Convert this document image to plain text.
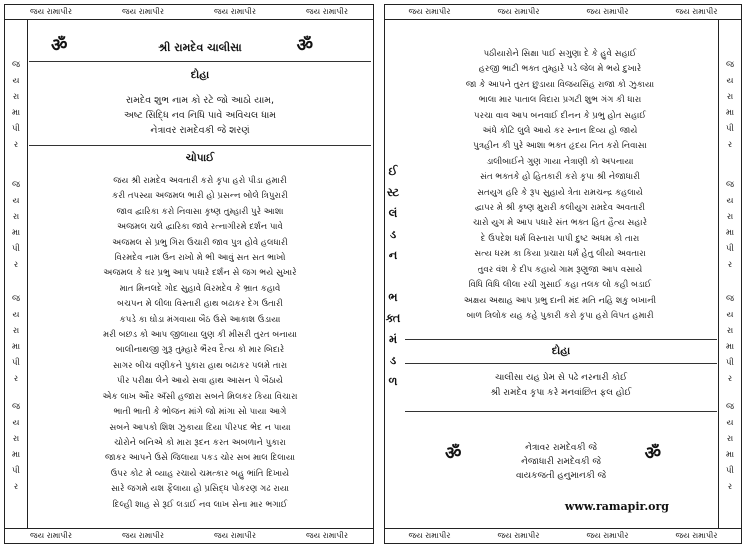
જય રામાપીર	જય રામાપીર	જય રામાપીર	જય રામાપીર
જ
ય
રા
મા
પી
ર
જ
ય
રા
મા
પી
ર
જ
ય
રા
મા
પી
ર
જ
ય
રા
મા
પી
ર
ॐ	ॐ
શ્રી રામદેવ ચાલીસા
દોહા
રામદેવ શુભ નામ કો રટે જો આઠો યામ,
અષ્ટ સિદ્ધિ નવ નિધિ પાવે અવિચલ ધામ
નેત્રાવર રામદેવકી જે શરણં
ચોપાઈ
જય શ્રી રામદેવ અવતારી કરો કૃપા હરો પીડા હમારી
કરી તપસ્યા અજમલ ભારી હો પ્રસન્ન બોલે ત્રિપુરારી
જાવ દ્વારિકા કરો નિવાસા કૃષ્ણ તુમ્હારી પુરે આશા
અજમલ ચલે દ્વારિકા જાવે રત્નાગીરમે દર્શન પાવે
અજમલ સે પ્રભુ ગિરા ઉચારી જાવ પુત્ર હોવે હલધારી
વિરમદેવ નામ ઉન રાખો મે ભી આવું સત સત ભાખો
અજમલ કે ઘર પ્રભુ આપ પધારે દર્શન સે જગ ભયે સુખારે
માત મિનલદે ગોદ સુહાવે વિરમદેવ કે ભ્રાત કહાવે
બચપન મે લીલા વિસ્તારી હાથ બઢાકર દેગ ઉતારી
કપડે કા ઘોડા મંગવાયા બૈઠ ઉસે આકાશ ઉડાયા
મરી બછડ કો આપ જીલાયા લુણ કી મીસરી તુરત બનાયા
બાલીનાથજી ગુરૂ તુમ્હારે ભૈરવ દૈત્ય કો માર બિદારે
સાગર બીચ વણીકને પુકારા હાથ બઢાકર પલમે તારા
પીર પરીક્ષા લેને આયે સવા હાથ આસન પે બૈઠાયે
એક લાખ ઔર અઁસી હજારા સબને મિલકર કિયા વિચારા
ભાતી ભાતી કે ભોજન માંગે જો માંગા સો પાયા આગે
સબને આપકો શિશ ઝુકાયા દિયા પીરપદ ભેદ ન પાયા
ચોરોને બનિએ કો મારા રૂદન કરત અબળાને પુકારા
જાકર આપને ઉસે જિલાયા પકડ ચોર સબ માલ દિલાયા
ઉપર કોટ મે વ્યાહ રચાયે ચમત્કાર બહુ ભાંતિ દિખાયે
સારે જગમે યશ ફૈલાયા હો પ્રસિદ્ધ પોકરણ ગઢ રાયા
દિલ્હી શાહ સે રૂઈ લડાઈ નવ લાખ સેના માર ભગાઈ
જય રામાપીર	જય રામાપીર	જય રામાપીર	જય રામાપીર
જય રામાપીર	જય રામાપીર	જય રામાપીર	જય રામાપીર
જ
ય
રા
મા
પી
ર
જ
ય
રા
મા
પી
ર
જ
ય
રા
મા
પી
ર
જ
ય
રા
મા
પી
ર
ઈ
સ્ટ
લં
ડ
ન

ભ
ક્ત
મં
ડ
ળ
પઠીયારોને સિક્ષા પાઈ સગુણા દે કે હુવે સહાઈ
હરજી ભાટી ભક્ત તુમ્હારે પડે જેલ મે ભયે દુખારે
જા કે આપને તુરત છુડાયા વિજયસિંહ રાજા કો ઝુકાયા
ભાલા માર પાતાલ વિદારા પ્રગટી શુભ ગંગ કી ધારા
પરચા વાવ આપ બનવાઈ દીનન કે પ્રભુ હોત સહાઈ
અંધે કોટિ લુલે આયે કર સ્નાન દિવ્ય હો જાયે
પુત્રહીન કી પુરે આશા ભક્ત હૃદય નિત કરો નિવાસા
ડાલીબાઈને ગુણ ગાયા નેત્રાણી કો અપનાયા
સંત ભક્તકે હો હિતકારી કરો કૃપા શ્રી નેજાધારી
સતયુગ હરિ કે રૂપ સુહાયે ત્રેતા રામચન્દ્ર કહલાયે
દ્વાપર મે શ્રી કૃષ્ણ મુરારી કલીયુગ રામદેવ અવતારી
ચારો યુગ મે આપ પધારે સંત ભક્ત હિત હૈત્ય સહારે
દે ઉપદેશ ધર્મ વિસ્તારા પાપી દુષ્ટ અધમ કો તારા
સત્ય ધરમ કા કિયા પ્રચારા ધર્મ હેતુ લીયો અવતારા
તુવર વંશ કે દીપ કહાયે ગામ રૂણુજા આપ વસાયે
વિધિ વિધિ લીલા રચી ગુસાઈ કહા તલક લો કહી બડાઈ
અક્ષય અથાહ આપ પ્રભુ દાની મંદ મતિ નહિ શકુ બખાની
બાળ ત્રિલોક યહ કહે પુકારી કરો કૃપા હરો વિપત હમારી
દોહા
ચાલીસા યહ પ્રેમ સે પઢે નરનારી કોઈ
શ્રી રામદેવ કૃપા કરે મનવાંછિત ફલ હોઈ
ॐ	ॐ
નેત્રાવર રામદેવકી જે
નેજાધારી રામદેવકી જે
વાયકજતી હનુમાનકી જે
www.ramapir.org
જય રામાપીર	જય રામાપીર	જય રામાપીર	જય રામાપીર
